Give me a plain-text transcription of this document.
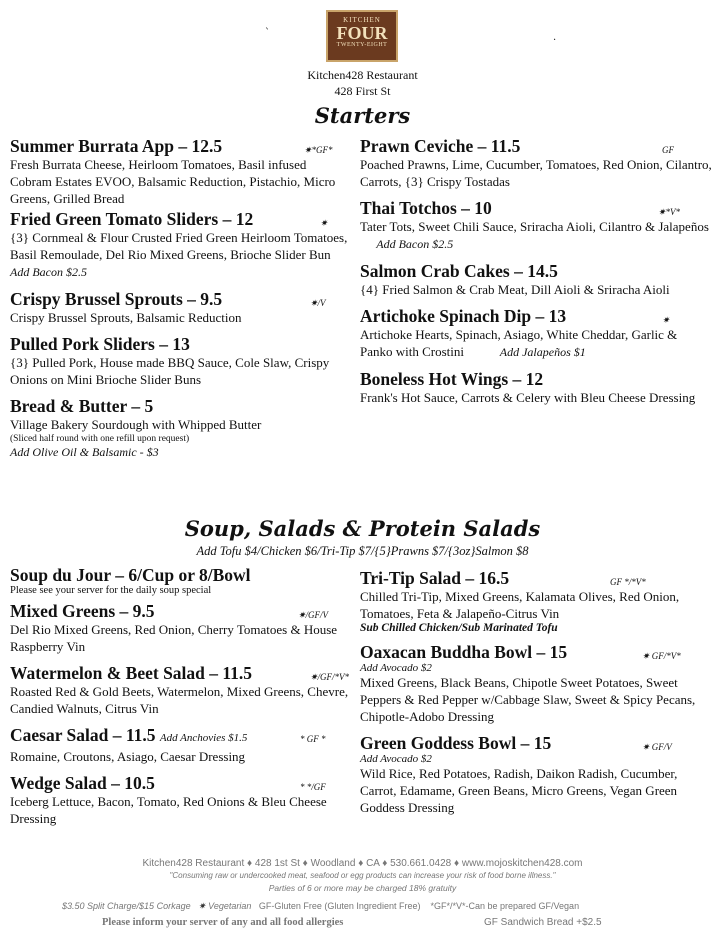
`	.
KITCHEN
FOUR
TWENTY-EIGHT
Kitchen428 Restaurant
428 First St
Starters
Summer Burrata App – 12.5	✷*GF*
Fresh Burrata Cheese, Heirloom Tomatoes, Basil infused Cobram Estates EVOO, Balsamic Reduction, Pistachio, Micro Greens, Grilled Bread
Fried Green Tomato Sliders – 12	✷
{3} Cornmeal & Flour Crusted Fried Green Heirloom Tomatoes, Basil Remoulade, Del Rio Mixed Greens, Brioche Slider Bun Add Bacon $2.5
Crispy Brussel Sprouts – 9.5	✷/V
Crispy Brussel Sprouts, Balsamic Reduction
Pulled Pork Sliders – 13
{3} Pulled Pork, House made BBQ Sauce, Cole Slaw, Crispy Onions on Mini Brioche Slider Buns
Bread & Butter – 5
Village Bakery Sourdough with Whipped Butter
(Sliced half round with one refill upon request)
Add Olive Oil & Balsamic - $3
Prawn Ceviche – 11.5	GF
Poached Prawns, Lime, Cucumber, Tomatoes, Red Onion, Cilantro, Carrots, {3} Crispy Tostadas
Thai Totchos – 10	✷*V*
Tater Tots, Sweet Chili Sauce, Sriracha Aioli, Cilantro & Jalapeños      Add Bacon $2.5
Salmon Crab Cakes – 14.5
{4} Fried Salmon & Crab Meat, Dill Aioli & Sriracha Aioli
Artichoke Spinach Dip – 13	✷
Artichoke Hearts, Spinach, Asiago, White Cheddar, Garlic & Panko with Crostini	Add Jalapeños $1
Boneless Hot Wings – 12
Frank's Hot Sauce, Carrots & Celery with Bleu Cheese Dressing
Soup, Salads & Protein Salads
Add Tofu $4/Chicken $6/Tri-Tip $7/{5}Prawns $7/{3oz}Salmon $8
Soup du Jour – 6/Cup or 8/Bowl
Please see your server for the daily soup special
Mixed Greens – 9.5	✷/GF/V
Del Rio Mixed Greens, Red Onion, Cherry Tomatoes & House Raspberry Vin
Watermelon & Beet Salad – 11.5	✷/GF/*V*
Roasted Red & Gold Beets, Watermelon, Mixed Greens, Chevre, Candied Walnuts, Citrus Vin
Caesar Salad – 11.5 Add Anchovies $1.5	* GF *
Romaine, Croutons, Asiago, Caesar Dressing
Wedge Salad – 10.5	* */GF
Iceberg Lettuce, Bacon, Tomato, Red Onions & Bleu Cheese Dressing
Tri-Tip Salad – 16.5	GF */*V*
Chilled Tri-Tip, Mixed Greens, Kalamata Olives, Red Onion, Tomatoes, Feta & Jalapeño-Citrus Vin
Sub Chilled Chicken/Sub Marinated Tofu
Oaxacan Buddha Bowl – 15	✷ GF/*V*
Add Avocado $2
Mixed Greens, Black Beans, Chipotle Sweet Potatoes, Sweet Peppers & Red Pepper w/Cabbage Slaw, Sweet & Spicy Pecans, Chipotle-Adobo Dressing
Green Goddess Bowl – 15	✷ GF/V
Add Avocado $2
Wild Rice, Red Potatoes, Radish, Daikon Radish, Cucumber, Carrot, Edamame, Green Beans, Micro Greens, Vegan Green Goddess Dressing
Kitchen428 Restaurant ♦ 428 1st St ♦ Woodland ♦ CA ♦ 530.661.0428 ♦ www.mojoskitchen428.com
"Consuming raw or undercooked meat, seafood or egg products can increase your risk of food borne illness."
Parties of 6 or more may be charged 18% gratuity
$3.50 Split Charge/$15 Corkage ✷ Vegetarian GF-Gluten Free (Gluten Ingredient Free) *GF*/*V*-Can be prepared GF/Vegan
Please inform your server of any and all food allergies	GF Sandwich Bread +$2.5
